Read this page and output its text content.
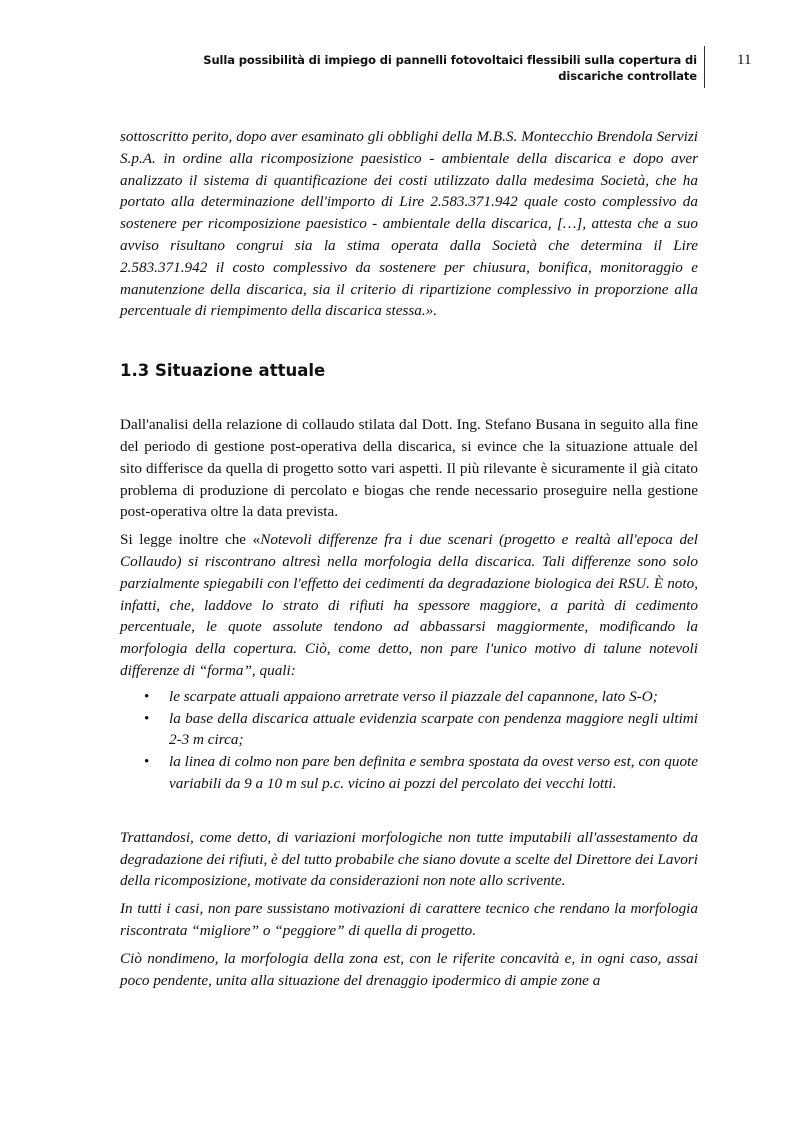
Sulla possibilità di impiego di pannelli fotovoltaici flessibili sulla copertura di
discariche controllate
11

sottoscritto perito, dopo aver esaminato gli obblighi della M.B.S. Montecchio Brendola Servizi S.p.A. in ordine alla ricomposizione paesistico - ambientale della discarica e dopo aver analizzato il sistema di quantificazione dei costi utilizzato dalla medesima Società, che ha portato alla determinazione dell'importo di Lire 2.583.371.942 quale costo complessivo da sostenere per ricomposizione paesistico - ambientale della discarica, […], attesta che a suo avviso risultano congrui sia la stima operata dalla Società che determina il Lire 2.583.371.942 il costo complessivo da sostenere per chiusura, bonifica, monitoraggio e manutenzione della discarica, sia il criterio di ripartizione complessivo in proporzione alla percentuale di riempimento della discarica stessa.».

1.3 Situazione attuale

Dall'analisi della relazione di collaudo stilata dal Dott. Ing. Stefano Busana in seguito alla fine del periodo di gestione post-operativa della discarica, si evince che la situazione attuale del sito differisce da quella di progetto sotto vari aspetti. Il più rilevante è sicuramente il già citato problema di produzione di percolato e biogas che rende necessario proseguire nella gestione post-operativa oltre la data prevista.

Si legge inoltre che «Notevoli differenze fra i due scenari (progetto e realtà all'epoca del Collaudo) si riscontrano altresì nella morfologia della discarica. Tali differenze sono solo parzialmente spiegabili con l'effetto dei cedimenti da degradazione biologica dei RSU. È noto, infatti, che, laddove lo strato di rifiuti ha spessore maggiore, a parità di cedimento percentuale, le quote assolute tendono ad abbassarsi maggiormente, modificando la morfologia della copertura. Ciò, come detto, non pare l'unico motivo di talune notevoli differenze di “forma”, quali:

• le scarpate attuali appaiono arretrate verso il piazzale del capannone, lato S-O;
• la base della discarica attuale evidenzia scarpate con pendenza maggiore negli ultimi 2-3 m circa;
• la linea di colmo non pare ben definita e sembra spostata da ovest verso est, con quote variabili da 9 a 10 m sul p.c. vicino ai pozzi del percolato dei vecchi lotti.

Trattandosi, come detto, di variazioni morfologiche non tutte imputabili all'assestamento da degradazione dei rifiuti, è del tutto probabile che siano dovute a scelte del Direttore dei Lavori della ricomposizione, motivate da considerazioni non note allo scrivente.

In tutti i casi, non pare sussistano motivazioni di carattere tecnico che rendano la morfologia riscontrata “migliore” o “peggiore” di quella di progetto.

Ciò nondimeno, la morfologia della zona est, con le riferite concavità e, in ogni caso, assai poco pendente, unita alla situazione del drenaggio ipodermico di ampie zone a
